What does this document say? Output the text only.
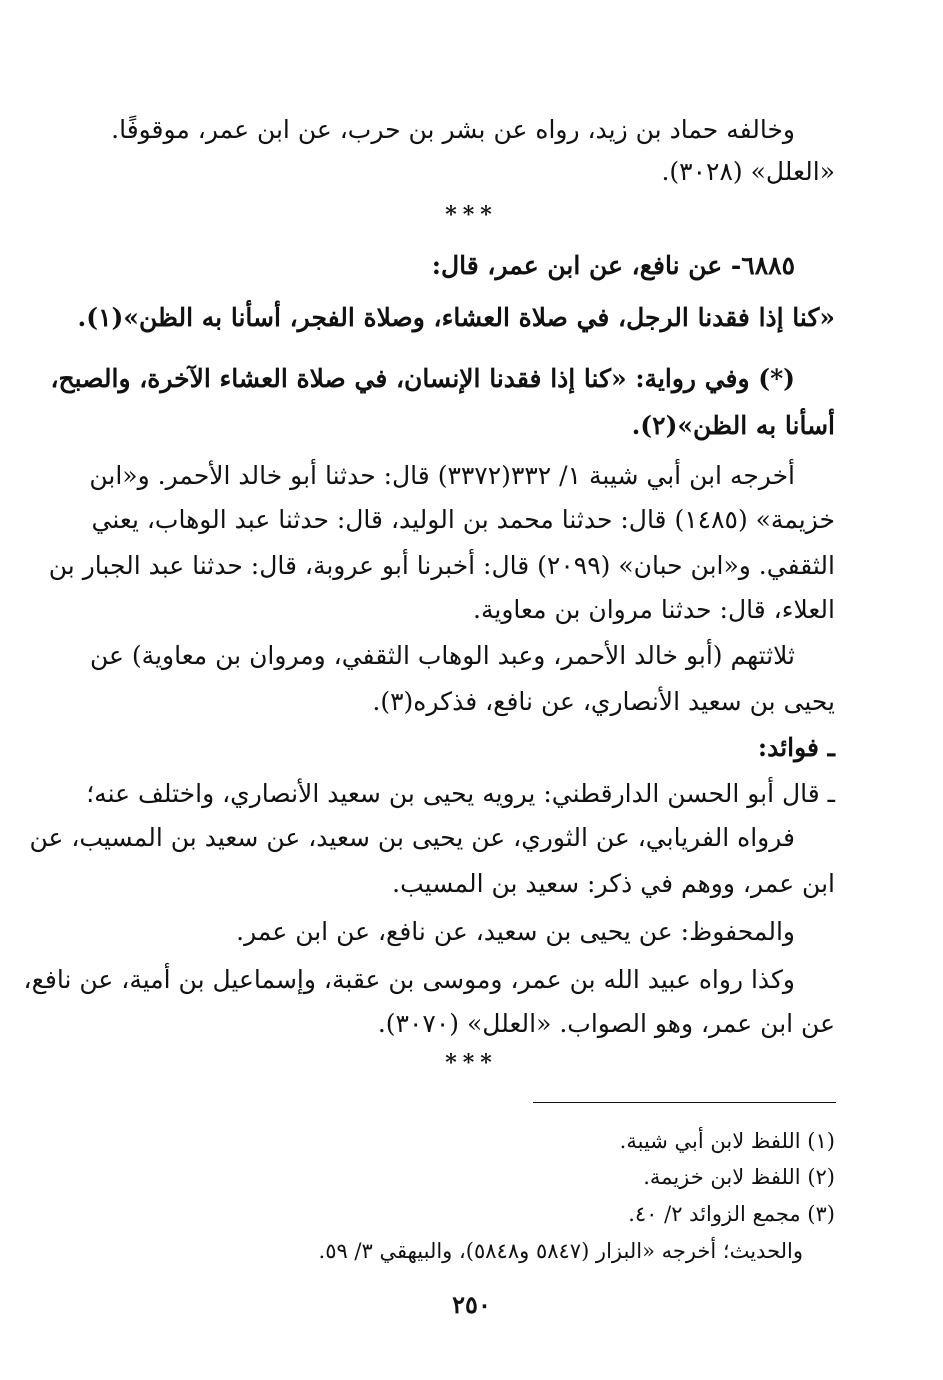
وخالفه حماد بن زيد، رواه عن بشر بن حرب، عن ابن عمر، موقوفًا.
«العلل» (٣٠٢٨).
***
٦٨٨٥- عن نافع، عن ابن عمر، قال:
«كنا إذا فقدنا الرجل، في صلاة العشاء، وصلاة الفجر، أسأنا به الظن»(١).
(*) وفي رواية: «كنا إذا فقدنا الإنسان، في صلاة العشاء الآخرة، والصبح،
أسأنا به الظن»(٢).
أخرجه ابن أبي شيبة ١/ ٣٣٢(٣٣٧٢) قال: حدثنا أبو خالد الأحمر. و«ابن
خزيمة» (١٤٨٥) قال: حدثنا محمد بن الوليد، قال: حدثنا عبد الوهاب، يعني
الثقفي. و«ابن حبان» (٢٠٩٩) قال: أخبرنا أبو عروبة، قال: حدثنا عبد الجبار بن
العلاء، قال: حدثنا مروان بن معاوية.
ثلاثتهم (أبو خالد الأحمر، وعبد الوهاب الثقفي، ومروان بن معاوية) عن
يحيى بن سعيد الأنصاري، عن نافع، فذكره(٣).
ـ فوائد:
ـ قال أبو الحسن الدارقطني: يرويه يحيى بن سعيد الأنصاري، واختلف عنه؛
فرواه الفريابي، عن الثوري، عن يحيى بن سعيد، عن سعيد بن المسيب، عن
ابن عمر، ووهم في ذكر: سعيد بن المسيب.
والمحفوظ: عن يحيى بن سعيد، عن نافع، عن ابن عمر.
وكذا رواه عبيد الله بن عمر، وموسى بن عقبة، وإسماعيل بن أمية، عن نافع،
عن ابن عمر، وهو الصواب. «العلل» (٣٠٧٠).
***
(١) اللفظ لابن أبي شيبة.
(٢) اللفظ لابن خزيمة.
(٣) مجمع الزوائد ٢/ ٤٠.
والحديث؛ أخرجه «البزار (٥٨٤٧ و٥٨٤٨)، والبيهقي ٣/ ٥٩.
٢٥٠
